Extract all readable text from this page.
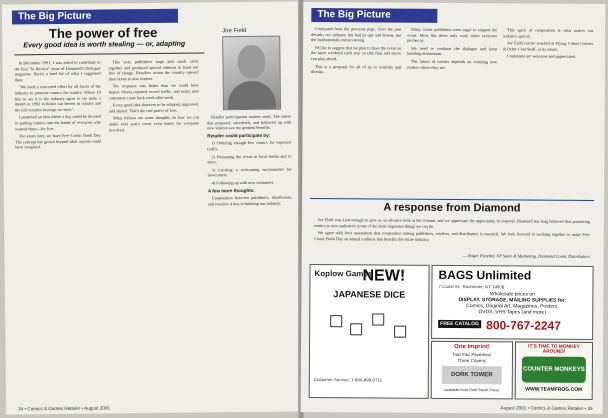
The Big Picture
The power of free
Every good idea is worth stealing — or, adapting
Joe Field

In December 1991, I was asked to contribute to the first "In Review" issue of Diamond's Dialogue magazine. Here's a brief bit of what I suggested then:

"We need a concerted effort by all facets of the industry to promote comics for comics. Where I'd like to see it is the industry agree to set aside a month in 1992 to honor our heroes in comics and the rich creative heritage we have."

I proposed an idea where a day could be devoted to putting comics into the hands of everyone who wanted them—for free.

Ten years later, we have Free Comic Book Day. The concept has grown beyond what anyone could have imagined.

This year, publishers large and small came together and produced special editions to hand out free of charge. Retailers across the country opened their doors to new readers.

The response was better than we could have hoped. Stores reported record traffic, and many new customers came back week after week.

Every good idea deserves to be adapted, improved, and shared. That's the real power of free.

What follows are some thoughts on how we can make next year's event even better for everyone involved.

Retailer participation matters most. The stores that prepared, advertised, and followed up with new visitors saw the greatest benefits.

Retailer could participate by:

1) Ordering enough free comics for expected traffic.

2) Promoting the event in local media and in store.

3) Creating a welcoming environment for newcomers.

4) Following up with new customers.

A few more thoughts:

Cooperation between publishers, distributors, and retailers is key to building our industry.

34 • Comics & Games Retailer • August 2001
The Big Picture

Continued from the previous page. Over the past decade, our industry has had its ups and downs, but the fundamentals remain strong.

I'd like to suggest that we plan to have the event on the same weekend each year so that fans and stores can plan ahead.

This is a proposal for all of us to consider and discuss.

Many comic publishers were eager to support the event. Ideas like these only work when everyone pitches in.

We need to continue the dialogue and keep building momentum.

The future of comics depends on reaching new readers where they are.

This spirit of cooperation is what makes our industry special.

Joe Field can be reached at Flying Colors Comics & Other Cool Stuff, or by email.

Comments are welcome and appreciated.

A response from Diamond

Joe Field was kind enough to give us an advance look at his column, and we appreciate the opportunity to respond. Diamond has long believed that promoting comics to new audiences is one of the most important things we can do.

We agree with Joe's assessment that cooperation among publishers, retailers, and distributors is essential. We look forward to working together to make Free Comic Book Day an annual tradition that benefits the entire industry.

— Roger Fletcher, VP Sales & Marketing, Diamond Comic Distributors
Koplow Games
NEW!
JAPANESE DICE
Customer Service: 1-800-899-0711
BAGS Unlimited
7 Canal St., Rochester, NY 14608
Wholesale prices on
DISPLAY, STORAGE, MAILING SUPPLIES for:
Comics, Original Art, Magazines, Posters,
DVDS, VHS Tapes (and more)
FREE CATALOG 800-767-2247
One Imprint!
Two Fan Favorites!
Three Covers!
DORK TOWER
available from Dork Storm Press
IT'S TIME TO MONKEY AROUND!
COUNTER MONKEYS
WWW.TEAMFROG.COM
August 2001 • Comics & Games Retailer • 35
